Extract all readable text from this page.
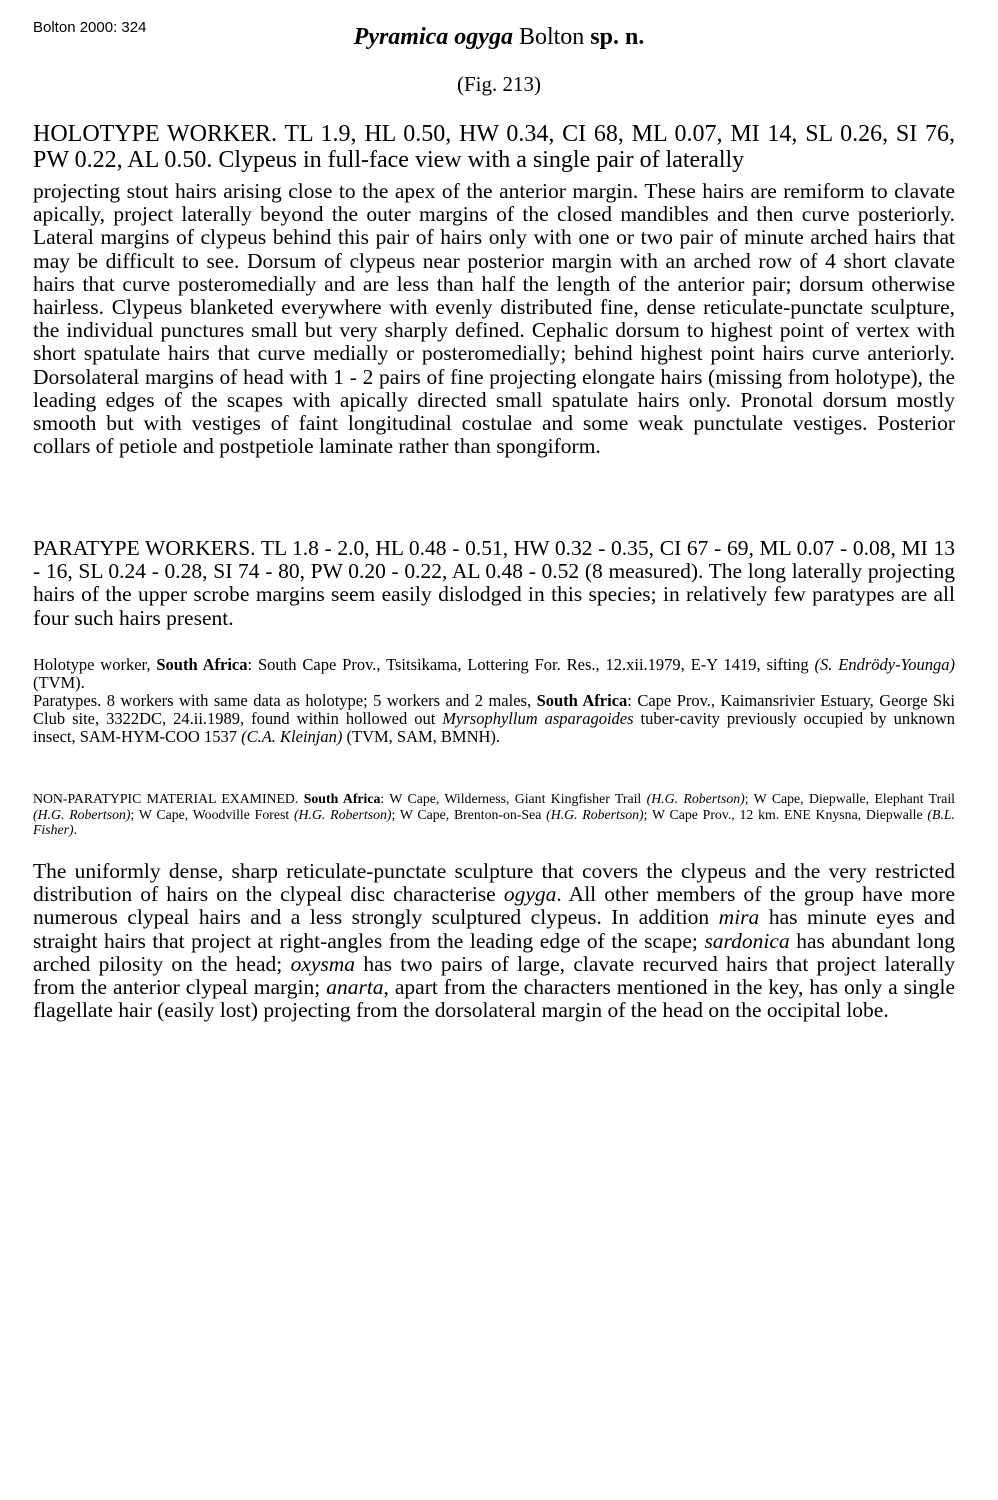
Bolton 2000: 324	Pyramica ogyga Bolton sp. n.
(Fig. 213)

HOLOTYPE WORKER. TL 1.9, HL 0.50, HW 0.34, CI 68, ML 0.07, MI 14, SL 0.26, SI 76, PW 0.22, AL 0.50. Clypeus in full-face view with a single pair of laterally

projecting stout hairs arising close to the apex of the anterior margin. These hairs are remiform to clavate apically, project laterally beyond the outer margins of the closed mandibles and then curve posteriorly. Lateral margins of clypeus behind this pair of hairs only with one or two pair of minute arched hairs that may be difficult to see. Dorsum of clypeus near posterior margin with an arched row of 4 short clavate hairs that curve posteromedially and are less than half the length of the anterior pair; dorsum otherwise hairless. Clypeus blanketed everywhere with evenly distributed fine, dense reticulate-punctate sculpture, the individual punctures small but very sharply defined. Cephalic dorsum to highest point of vertex with short spatulate hairs that curve medially or posteromedially; behind highest point hairs curve anteriorly. Dorsolateral margins of head with 1 - 2 pairs of fine projecting elongate hairs (missing from holotype), the leading edges of the scapes with apically directed small spatulate hairs only. Pronotal dorsum mostly smooth but with vestiges of faint longitudinal costulae and some weak punctulate vestiges. Posterior collars of petiole and postpetiole laminate rather than spongiform.

PARATYPE WORKERS. TL 1.8 - 2.0, HL 0.48 - 0.51, HW 0.32 - 0.35, CI 67 - 69, ML 0.07 - 0.08, MI 13 - 16, SL 0.24 - 0.28, SI 74 - 80, PW 0.20 - 0.22, AL 0.48 - 0.52 (8 measured). The long laterally projecting hairs of the upper scrobe margins seem easily dislodged in this species; in relatively few paratypes are all four such hairs present.

Holotype worker, South Africa: South Cape Prov., Tsitsikama, Lottering For. Res., 12.xii.1979, E-Y 1419, sifting (S. Endrödy-Younga) (TVM).

Paratypes. 8 workers with same data as holotype; 5 workers and 2 males, South Africa: Cape Prov., Kaimansrivier Estuary, George Ski Club site, 3322DC, 24.ii.1989, found within hollowed out Myrsophyllum asparagoides tuber-cavity previously occupied by unknown insect, SAM-HYM-COO 1537 (C.A. Kleinjan) (TVM, SAM, BMNH).

NON-PARATYPIC MATERIAL EXAMINED. South Africa: W Cape, Wilderness, Giant Kingfisher Trail (H.G. Robertson); W Cape, Diepwalle, Elephant Trail (H.G. Robertson); W Cape, Woodville Forest (H.G. Robertson); W Cape, Brenton-on-Sea (H.G. Robertson); W Cape Prov., 12 km. ENE Knysna, Diepwalle (B.L. Fisher).

The uniformly dense, sharp reticulate-punctate sculpture that covers the clypeus and the very restricted distribution of hairs on the clypeal disc characterise ogyga. All other members of the group have more numerous clypeal hairs and a less strongly sculptured clypeus. In addition mira has minute eyes and straight hairs that project at right-angles from the leading edge of the scape; sardonica has abundant long arched pilosity on the head; oxysma has two pairs of large, clavate recurved hairs that project laterally from the anterior clypeal margin; anarta, apart from the characters mentioned in the key, has only a single flagellate hair (easily lost) projecting from the dorsolateral margin of the head on the occipital lobe.
